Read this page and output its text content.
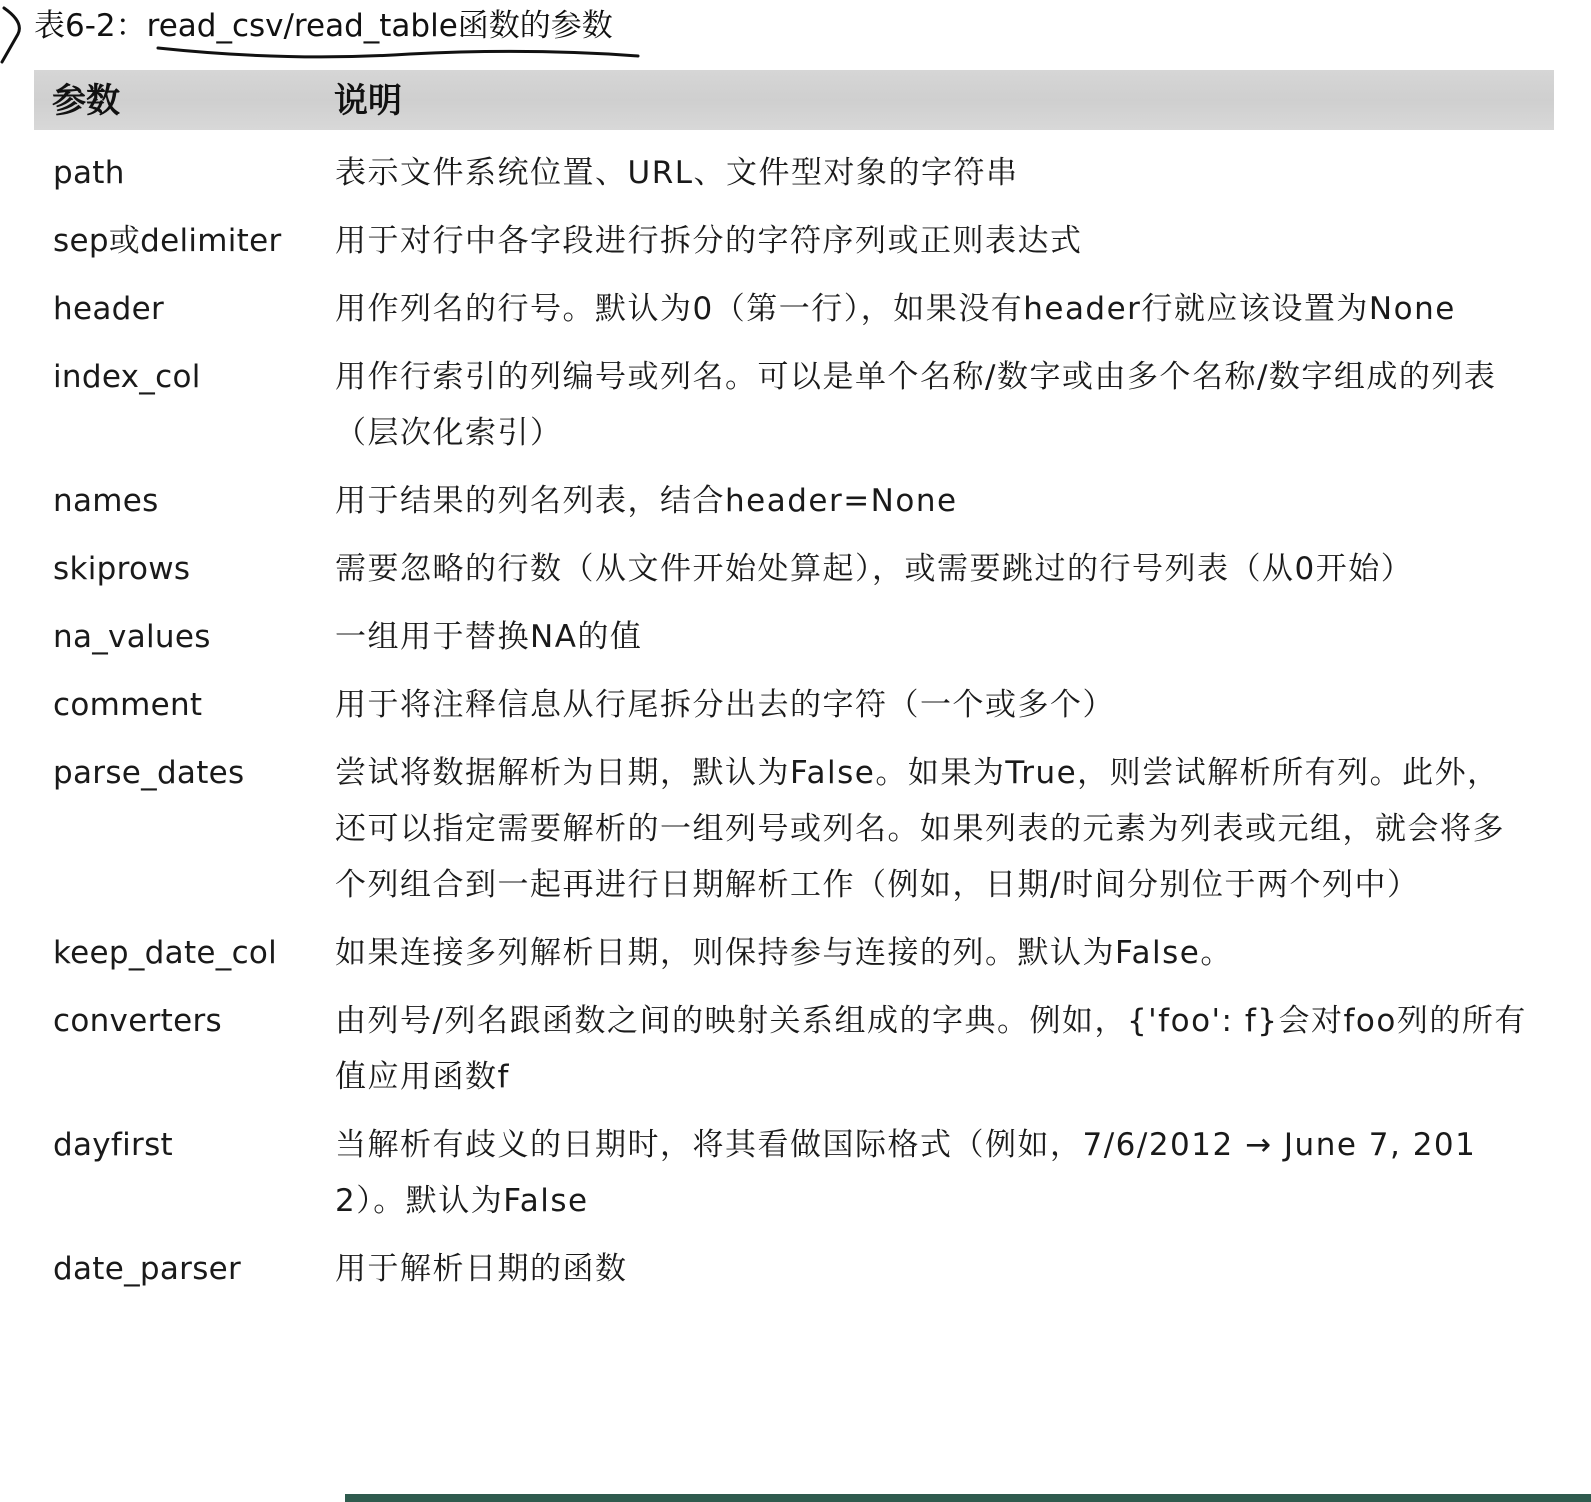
表6-2：read_csv/read_table函数的参数
参数	说明
path	表示文件系统位置、URL、文件型对象的字符串
sep或delimiter	用于对行中各字段进行拆分的字符序列或正则表达式
header	用作列名的行号。默认为0（第一行），如果没有header行就应该设置为None
index_col	用作行索引的列编号或列名。可以是单个名称/数字或由多个名称/数字组成的列表（层次化索引）
names	用于结果的列名列表，结合header=None
skiprows	需要忽略的行数（从文件开始处算起），或需要跳过的行号列表（从0开始）
na_values	一组用于替换NA的值
comment	用于将注释信息从行尾拆分出去的字符（一个或多个）
parse_dates	尝试将数据解析为日期，默认为False。如果为True，则尝试解析所有列。此外，还可以指定需要解析的一组列号或列名。如果列表的元素为列表或元组，就会将多个列组合到一起再进行日期解析工作（例如，日期/时间分别位于两个列中）
keep_date_col	如果连接多列解析日期，则保持参与连接的列。默认为False。
converters	由列号/列名跟函数之间的映射关系组成的字典。例如，{'foo': f}会对foo列的所有值应用函数f
dayfirst	当解析有歧义的日期时，将其看做国际格式（例如，7/6/2012 → June 7, 2012）。默认为False
date_parser	用于解析日期的函数
